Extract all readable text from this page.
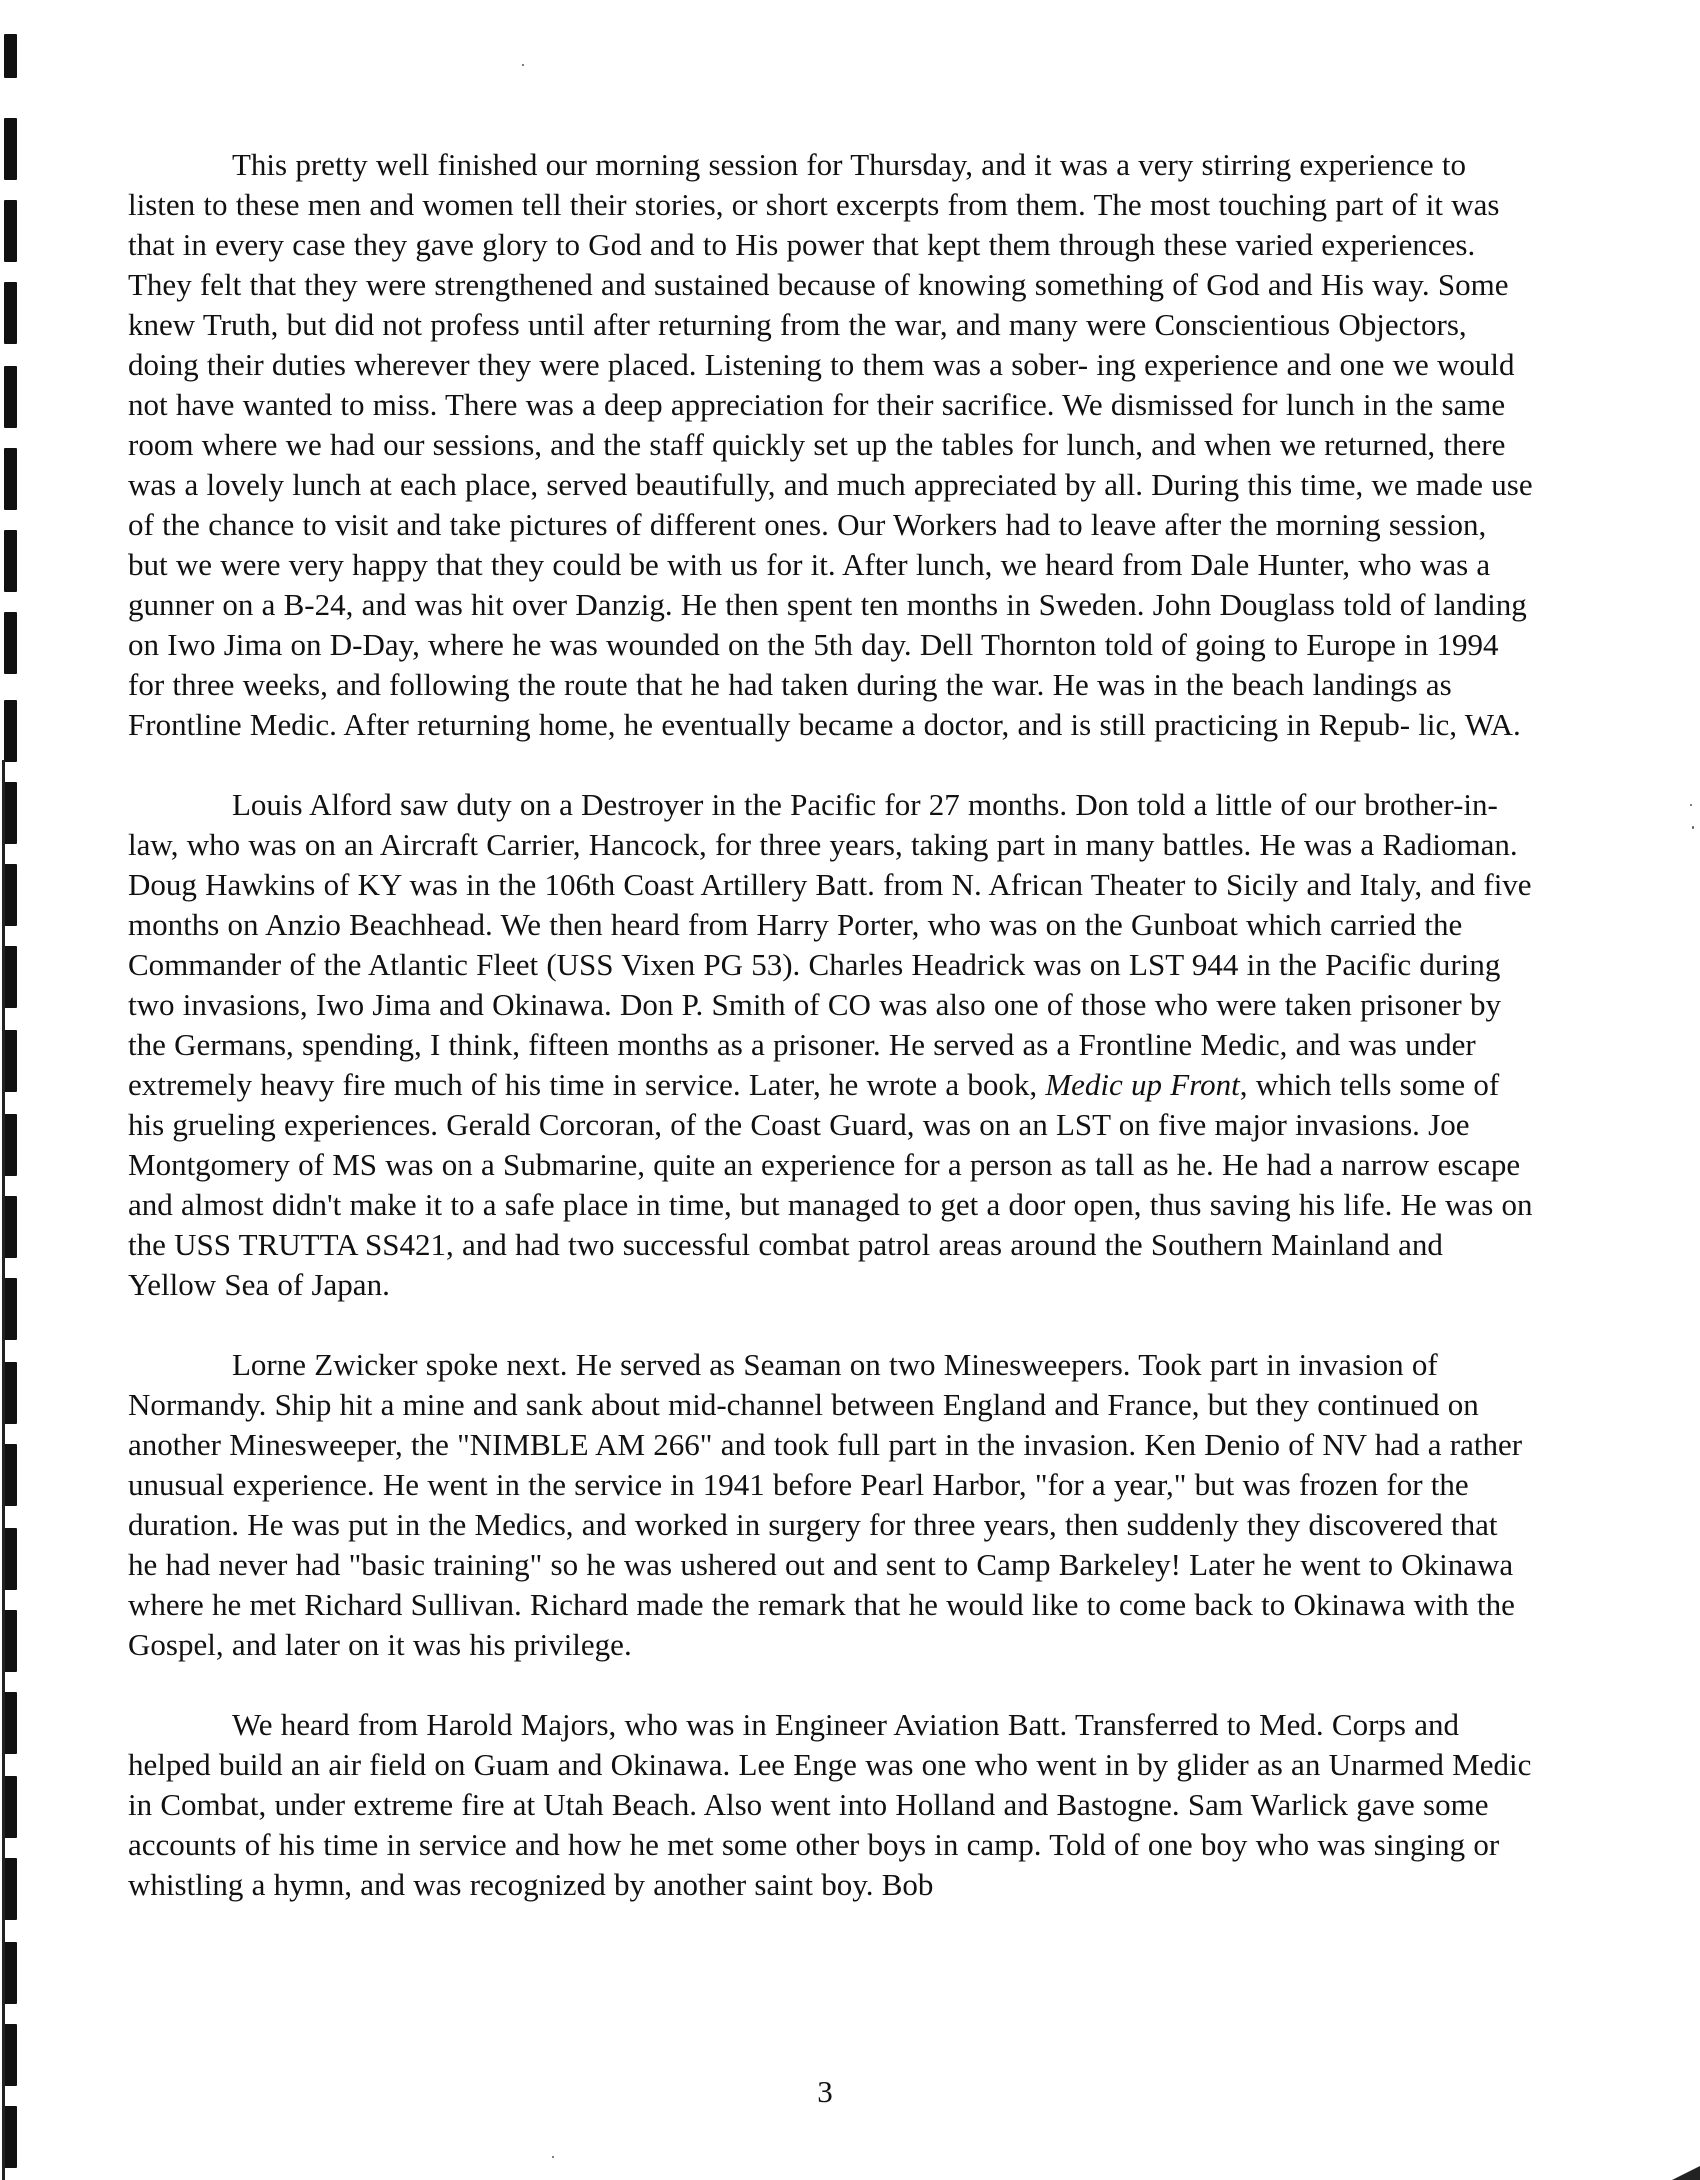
This pretty well finished our morning session for Thursday, and it was a very stirring experience to listen to these men and women tell their stories, or short excerpts from them. The most touching part of it was that in every case they gave glory to God and to His power that kept them through these varied experiences. They felt that they were strengthened and sustained because of knowing something of God and His way. Some knew Truth, but did not profess until after returning from the war, and many were Conscientious Objectors, doing their duties wherever they were placed. Listening to them was a sober- ing experience and one we would not have wanted to miss. There was a deep appreciation for their sacrifice. We dismissed for lunch in the same room where we had our sessions, and the staff quickly set up the tables for lunch, and when we returned, there was a lovely lunch at each place, served beautifully, and much appreciated by all. During this time, we made use of the chance to visit and take pictures of different ones. Our Workers had to leave after the morning session, but we were very happy that they could be with us for it. After lunch, we heard from Dale Hunter, who was a gunner on a B-24, and was hit over Danzig. He then spent ten months in Sweden. John Douglass told of landing on Iwo Jima on D-Day, where he was wounded on the 5th day. Dell Thornton told of going to Europe in 1994 for three weeks, and following the route that he had taken during the war. He was in the beach landings as Frontline Medic. After returning home, he eventually became a doctor, and is still practicing in Repub- lic, WA.

Louis Alford saw duty on a Destroyer in the Pacific for 27 months. Don told a little of our brother-in-law, who was on an Aircraft Carrier, Hancock, for three years, taking part in many battles. He was a Radioman. Doug Hawkins of KY was in the 106th Coast Artillery Batt. from N. African Theater to Sicily and Italy, and five months on Anzio Beachhead. We then heard from Harry Porter, who was on the Gunboat which carried the Commander of the Atlantic Fleet (USS Vixen PG 53). Charles Headrick was on LST 944 in the Pacific during two invasions, Iwo Jima and Okinawa. Don P. Smith of CO was also one of those who were taken prisoner by the Germans, spending, I think, fifteen months as a prisoner. He served as a Frontline Medic, and was under extremely heavy fire much of his time in service. Later, he wrote a book, Medic up Front, which tells some of his grueling experiences. Gerald Corcoran, of the Coast Guard, was on an LST on five major invasions. Joe Montgomery of MS was on a Submarine, quite an experience for a person as tall as he. He had a narrow escape and almost didn't make it to a safe place in time, but managed to get a door open, thus saving his life. He was on the USS TRUTTA SS421, and had two successful combat patrol areas around the Southern Mainland and Yellow Sea of Japan.

Lorne Zwicker spoke next. He served as Seaman on two Minesweepers. Took part in invasion of Normandy. Ship hit a mine and sank about mid-channel between England and France, but they continued on another Minesweeper, the "NIMBLE AM 266" and took full part in the invasion. Ken Denio of NV had a rather unusual experience. He went in the service in 1941 before Pearl Harbor, "for a year," but was frozen for the duration. He was put in the Medics, and worked in surgery for three years, then suddenly they discovered that he had never had "basic training" so he was ushered out and sent to Camp Barkeley! Later he went to Okinawa where he met Richard Sullivan. Richard made the remark that he would like to come back to Okinawa with the Gospel, and later on it was his privilege.

We heard from Harold Majors, who was in Engineer Aviation Batt. Transferred to Med. Corps and helped build an air field on Guam and Okinawa. Lee Enge was one who went in by glider as an Unarmed Medic in Combat, under extreme fire at Utah Beach. Also went into Holland and Bastogne. Sam Warlick gave some accounts of his time in service and how he met some other boys in camp. Told of one boy who was singing or whistling a hymn, and was recognized by another saint boy. Bob

3
